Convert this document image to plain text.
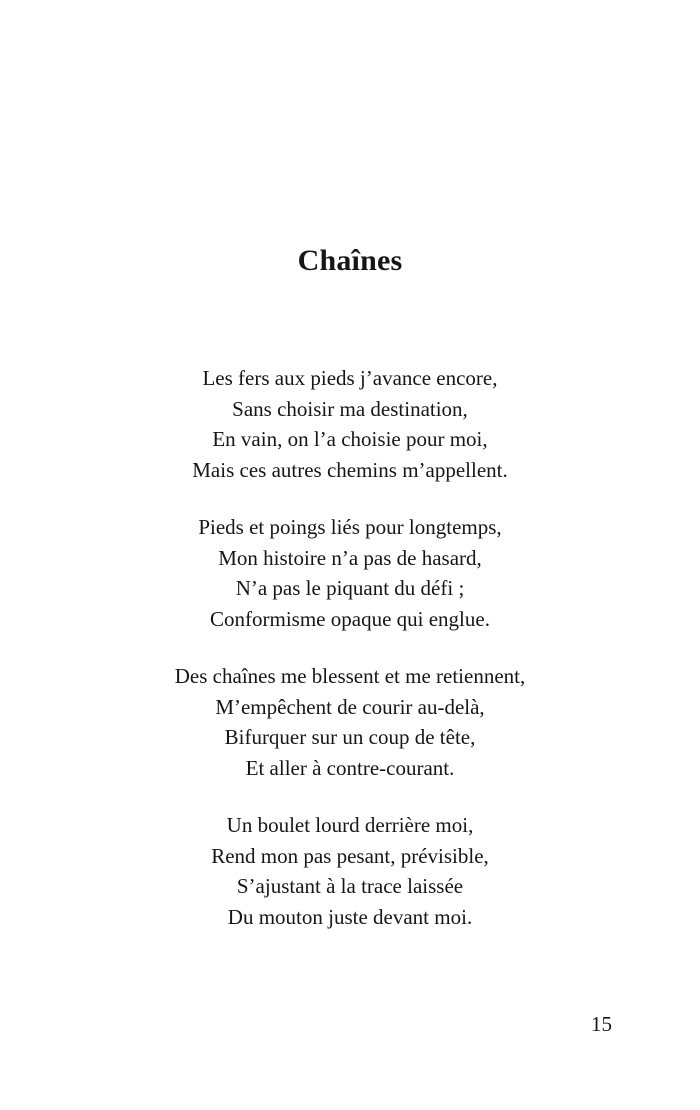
Chaînes
Les fers aux pieds j’avance encore,
Sans choisir ma destination,
En vain, on l’a choisie pour moi,
Mais ces autres chemins m’appellent.
Pieds et poings liés pour longtemps,
Mon histoire n’a pas de hasard,
N’a pas le piquant du défi ;
Conformisme opaque qui englue.
Des chaînes me blessent et me retiennent,
M’empêchent de courir au-delà,
Bifurquer sur un coup de tête,
Et aller à contre-courant.
Un boulet lourd derrière moi,
Rend mon pas pesant, prévisible,
S’ajustant à la trace laissée
Du mouton juste devant moi.
15
